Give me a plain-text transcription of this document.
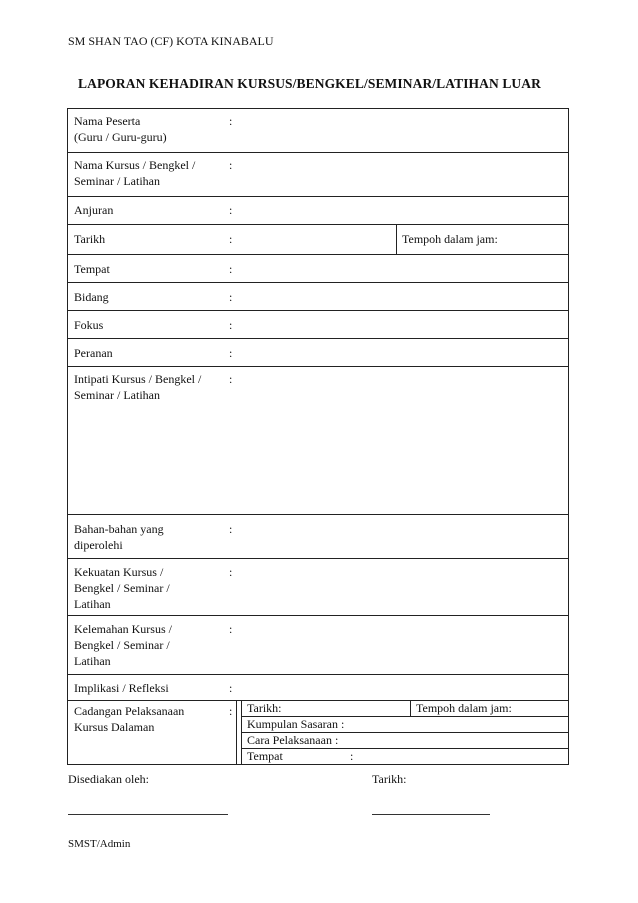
SM SHAN TAO (CF) KOTA KINABALU
LAPORAN KEHADIRAN KURSUS/BENGKEL/SEMINAR/LATIHAN LUAR
Nama Peserta
(Guru / Guru-guru)
:
Nama Kursus / Bengkel /
Seminar / Latihan
:
Anjuran	:
Tarikh	:	Tempoh dalam jam:
Tempat	:
Bidang	:
Fokus	:
Peranan	:
Intipati Kursus / Bengkel /
Seminar / Latihan
:
Bahan-bahan yang
diperolehi
:
Kekuatan Kursus /
Bengkel / Seminar /
Latihan
:
Kelemahan Kursus /
Bengkel / Seminar /
Latihan
:
Implikasi / Refleksi	:
Cadangan Pelaksanaan
Kursus Dalaman
: Tarikh:	Tempoh dalam jam:
Kumpulan Sasaran :
Cara Pelaksanaan :
Tempat	:
Disediakan oleh:	Tarikh:
SMST/Admin
